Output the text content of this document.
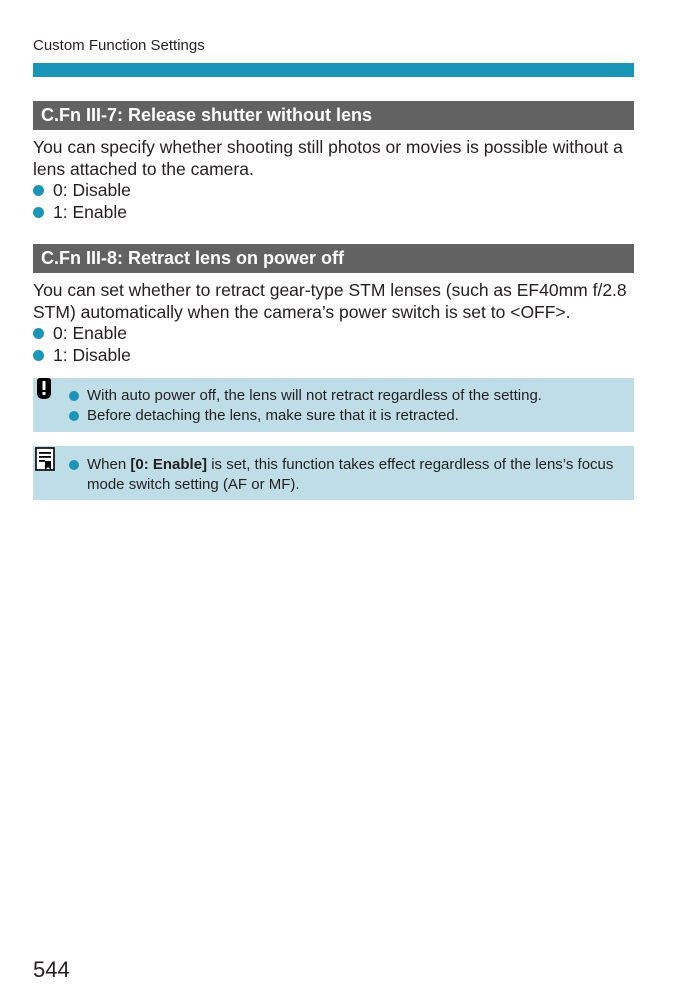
Custom Function Settings
C.Fn III-7: Release shutter without lens
You can specify whether shooting still photos or movies is possible without a lens attached to the camera.
0: Disable
1: Enable
C.Fn III-8: Retract lens on power off
You can set whether to retract gear-type STM lenses (such as EF40mm f/2.8 STM) automatically when the camera’s power switch is set to <OFF>.
0: Enable
1: Disable
With auto power off, the lens will not retract regardless of the setting.
Before detaching the lens, make sure that it is retracted.
When [0: Enable] is set, this function takes effect regardless of the lens’s focus mode switch setting (AF or MF).
544
